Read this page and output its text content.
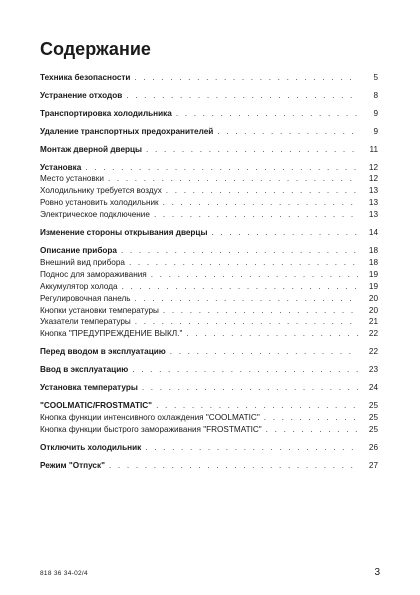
Содержание
Техника безопасности . . .	5
Устранение отходов . . .	8
Транспортировка холодильника . . .	9
Удаление транспортных предохранителей . . .	9
Монтаж дверной дверцы . . .	11
Установка . . .	12
Место установки . . .	12
Холодильнику требуется воздух . . .	13
Ровно установить холодильник . . .	13
Электрическое подключение . . .	13
Изменение стороны открывания дверцы . . .	14
Описание прибора . . .	18
Внешний вид прибора . . .	18
Поднос для замораживания . . .	19
Аккумулятор холода . . .	19
Регулировочная панель . . .	20
Кнопки установки температуры . . .	20
Указатели температуры . . .	21
Кнопка "ПРЕДУПРЕЖДЕНИЕ ВЫКЛ." . . .	22
Перед вводом в эксплуатацию . . .	22
Ввод в эксплуатацию . . .	23
Установка температуры . . .	24
"COOLMATIC/FROSTMATIC" . . .	25
Кнопка функции интенсивного охлаждения "COOLMATIC" . . .	25
Кнопка функции быстрого замораживания "FROSTMATIC" . . .	25
Отключить холодильник . . .	26
Режим "Отпуск" . . .	27
818 36 34-02/4	3
